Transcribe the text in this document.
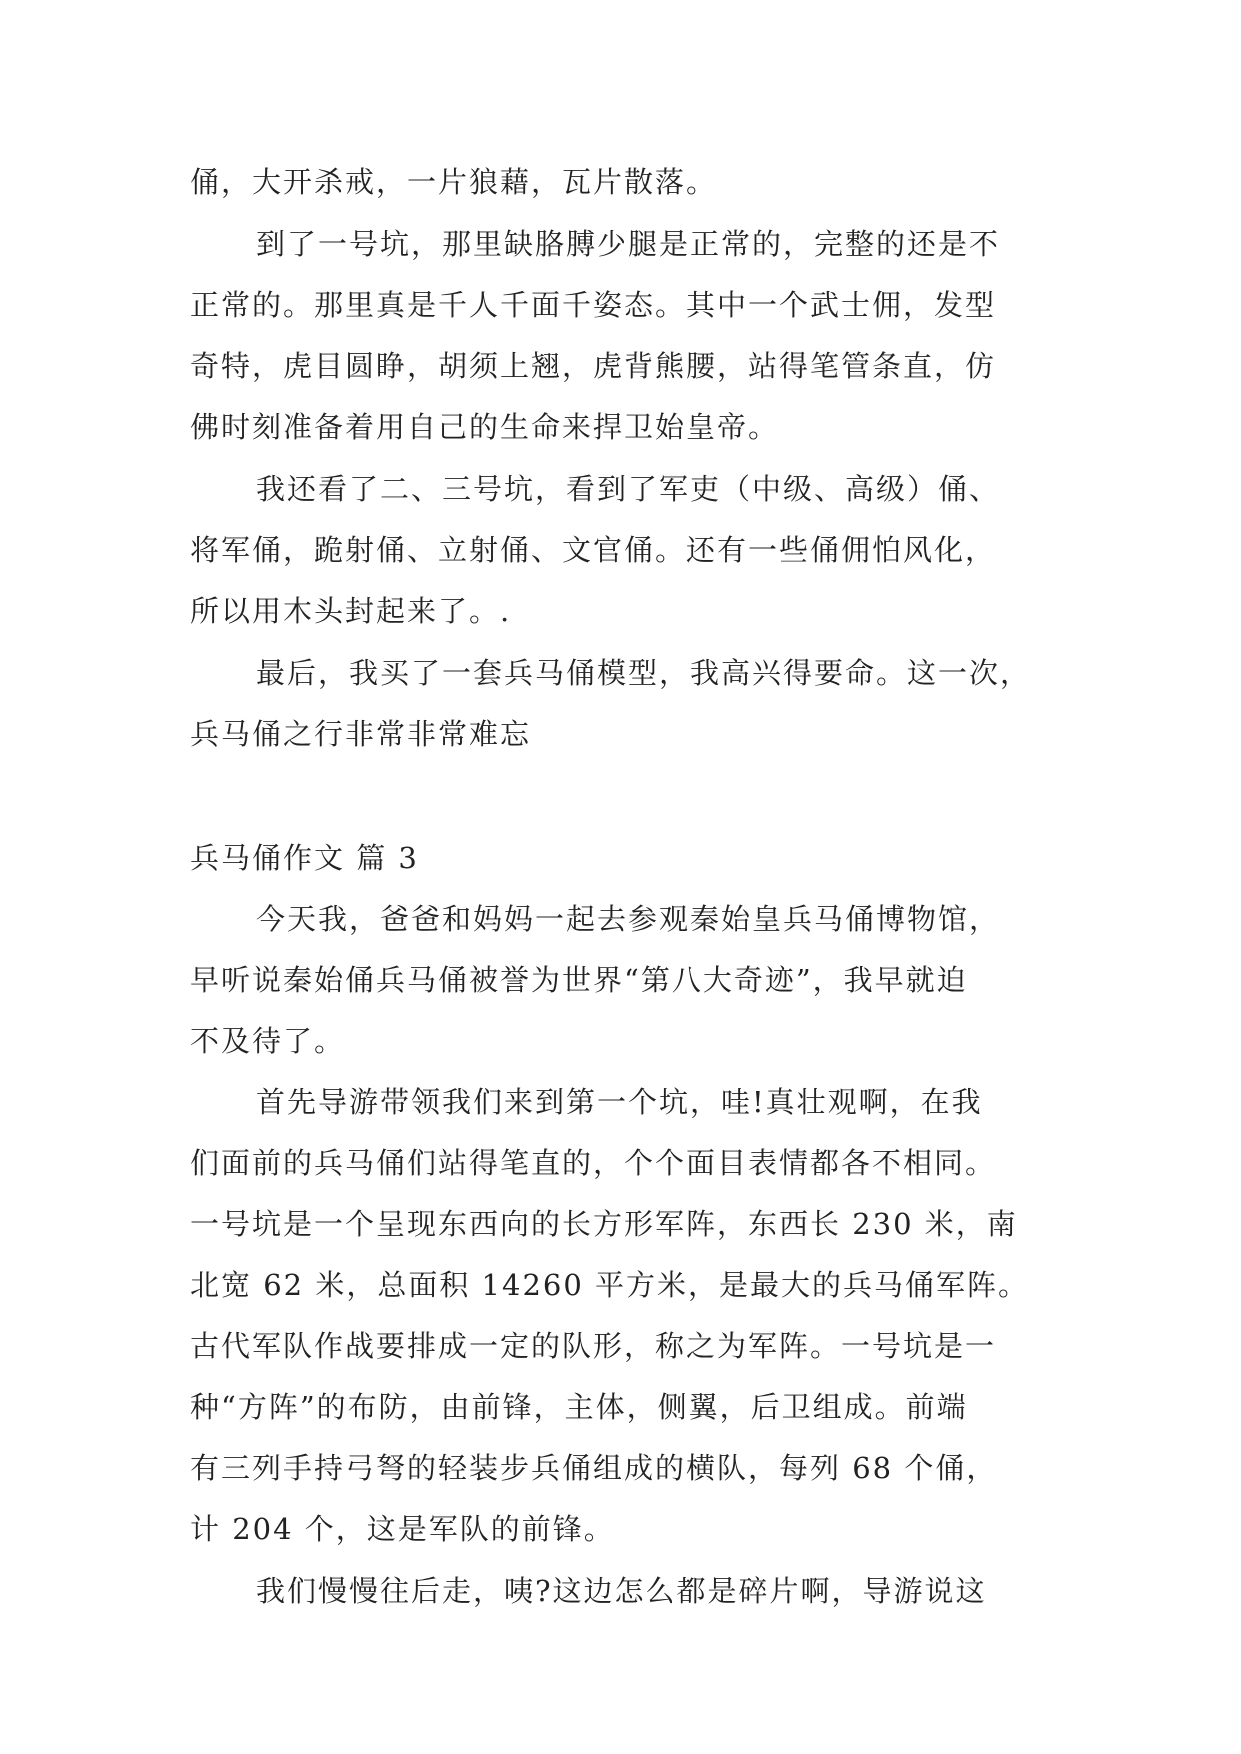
俑，大开杀戒，一片狼藉，瓦片散落。
到了一号坑，那里缺胳膊少腿是正常的，完整的还是不
正常的。那里真是千人千面千姿态。其中一个武士佣，发型
奇特，虎目圆睁，胡须上翘，虎背熊腰，站得笔管条直，仿
佛时刻准备着用自己的生命来捍卫始皇帝。
我还看了二、三号坑，看到了军吏（中级、高级）俑、
将军俑，跪射俑、立射俑、文官俑。还有一些俑佣怕风化，
所以用木头封起来了。.
最后，我买了一套兵马俑模型，我高兴得要命。这一次，
兵马俑之行非常非常难忘
兵马俑作文 篇 3
今天我，爸爸和妈妈一起去参观秦始皇兵马俑博物馆，
早听说秦始俑兵马俑被誉为世界“第八大奇迹”，我早就迫
不及待了。
首先导游带领我们来到第一个坑，哇!真壮观啊，在我
们面前的兵马俑们站得笔直的，个个面目表情都各不相同。
一号坑是一个呈现东西向的长方形军阵，东西长 230 米，南
北宽 62 米，总面积 14260 平方米，是最大的兵马俑军阵。
古代军队作战要排成一定的队形，称之为军阵。一号坑是一
种“方阵”的布防，由前锋，主体，侧翼，后卫组成。前端
有三列手持弓弩的轻装步兵俑组成的横队，每列 68 个俑，
计 204 个，这是军队的前锋。
我们慢慢往后走，咦?这边怎么都是碎片啊，导游说这
